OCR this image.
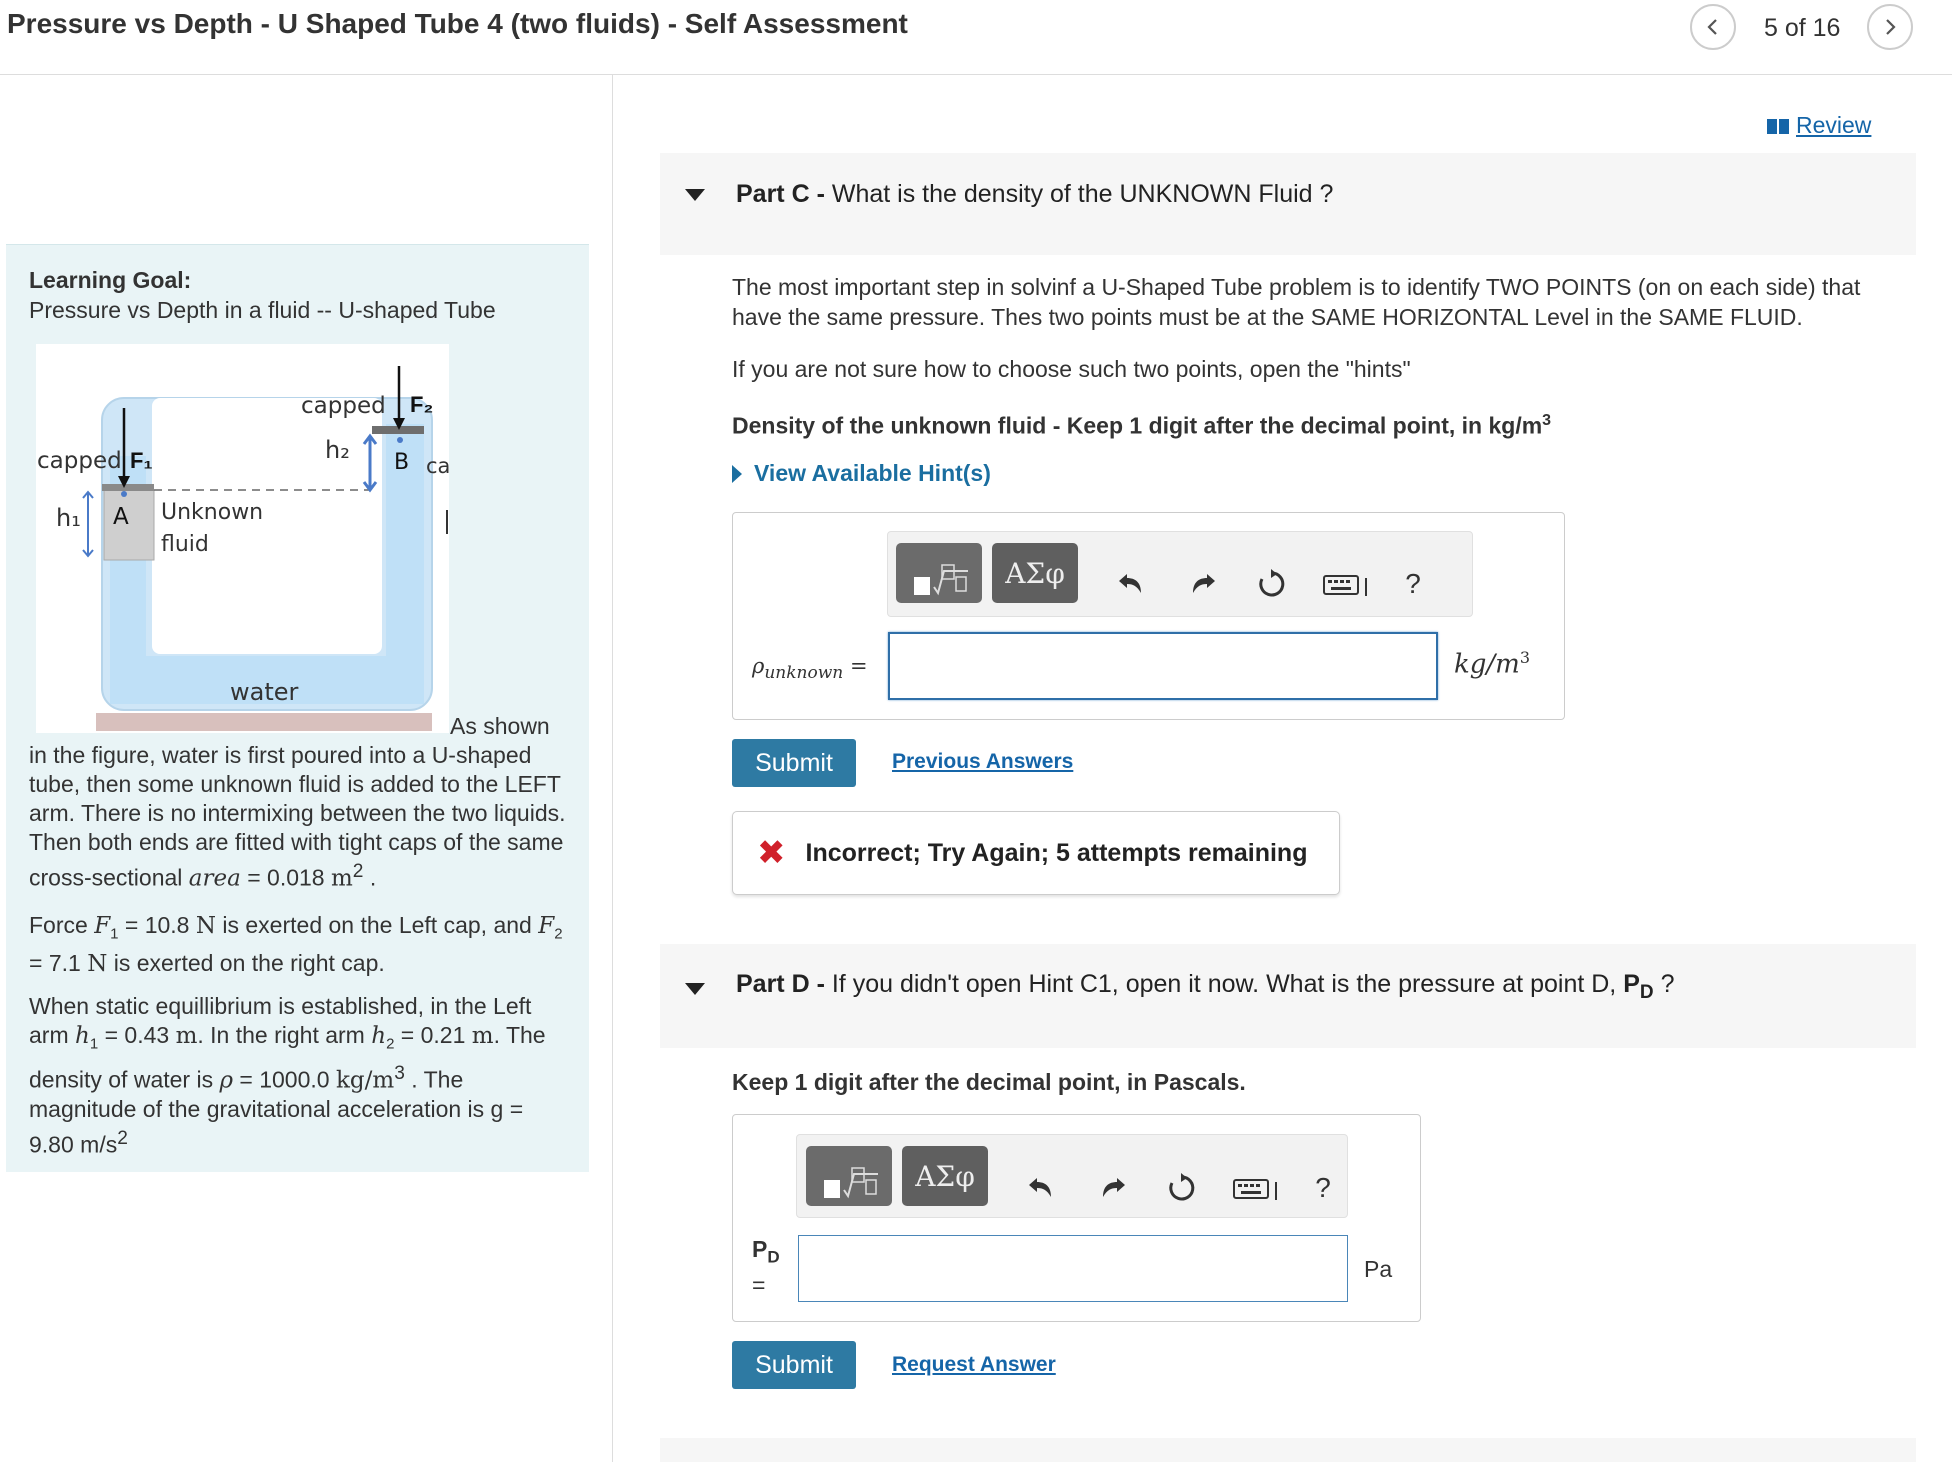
Pressure vs Depth - U Shaped Tube 4 (two fluids) - Self Assessment	5 of 16
Learning Goal:
Pressure vs Depth in a fluid -- U-shaped Tube
capped F₁
capped F₂
h₁
h₂
A
B ca
Unknown
fluid
water
As shown
in the figure, water is first poured into a U-shaped tube, then some unknown fluid is added to the LEFT arm. There is no intermixing between the two liquids. Then both ends are fitted with tight caps of the same cross-sectional area = 0.018 $m^2$ .
Force $F_1 = 10.8$ N is exerted on the Left cap, and $F_2 = 7.1$ N is exerted on the right cap.
When static equillibrium is established, in the Left arm $h_1 = 0.43$ m. In the right arm $h_2 = 0.21$ m. The density of water is ρ = 1000.0 $kg/m^3$ . The magnitude of the gravitational acceleration is g = 9.80 $m/s^2$
Review
Part C - What is the density of the UNKNOWN Fluid ?
The most important step in solvinf a U-Shaped Tube problem is to identify TWO POINTS (on on each side) that have the same pressure. Thes two points must be at the SAME HORIZONTAL Level in the SAME FLUID.
If you are not sure how to choose such two points, open the "hints"
Density of the unknown fluid - Keep 1 digit after the decimal point, in $kg/m^3$
View Available Hint(s)
ΑΣφ	?
$\rho_{unknown}$ =	$kg/m^3$
Submit	Previous Answers
✖ Incorrect; Try Again; 5 attempts remaining
Part D - If you didn't open Hint C1, open it now. What is the pressure at point D, $P_D$ ?
Keep 1 digit after the decimal point, in Pascals.
ΑΣφ	?
$P_D$
=
Pa
Submit	Request Answer
